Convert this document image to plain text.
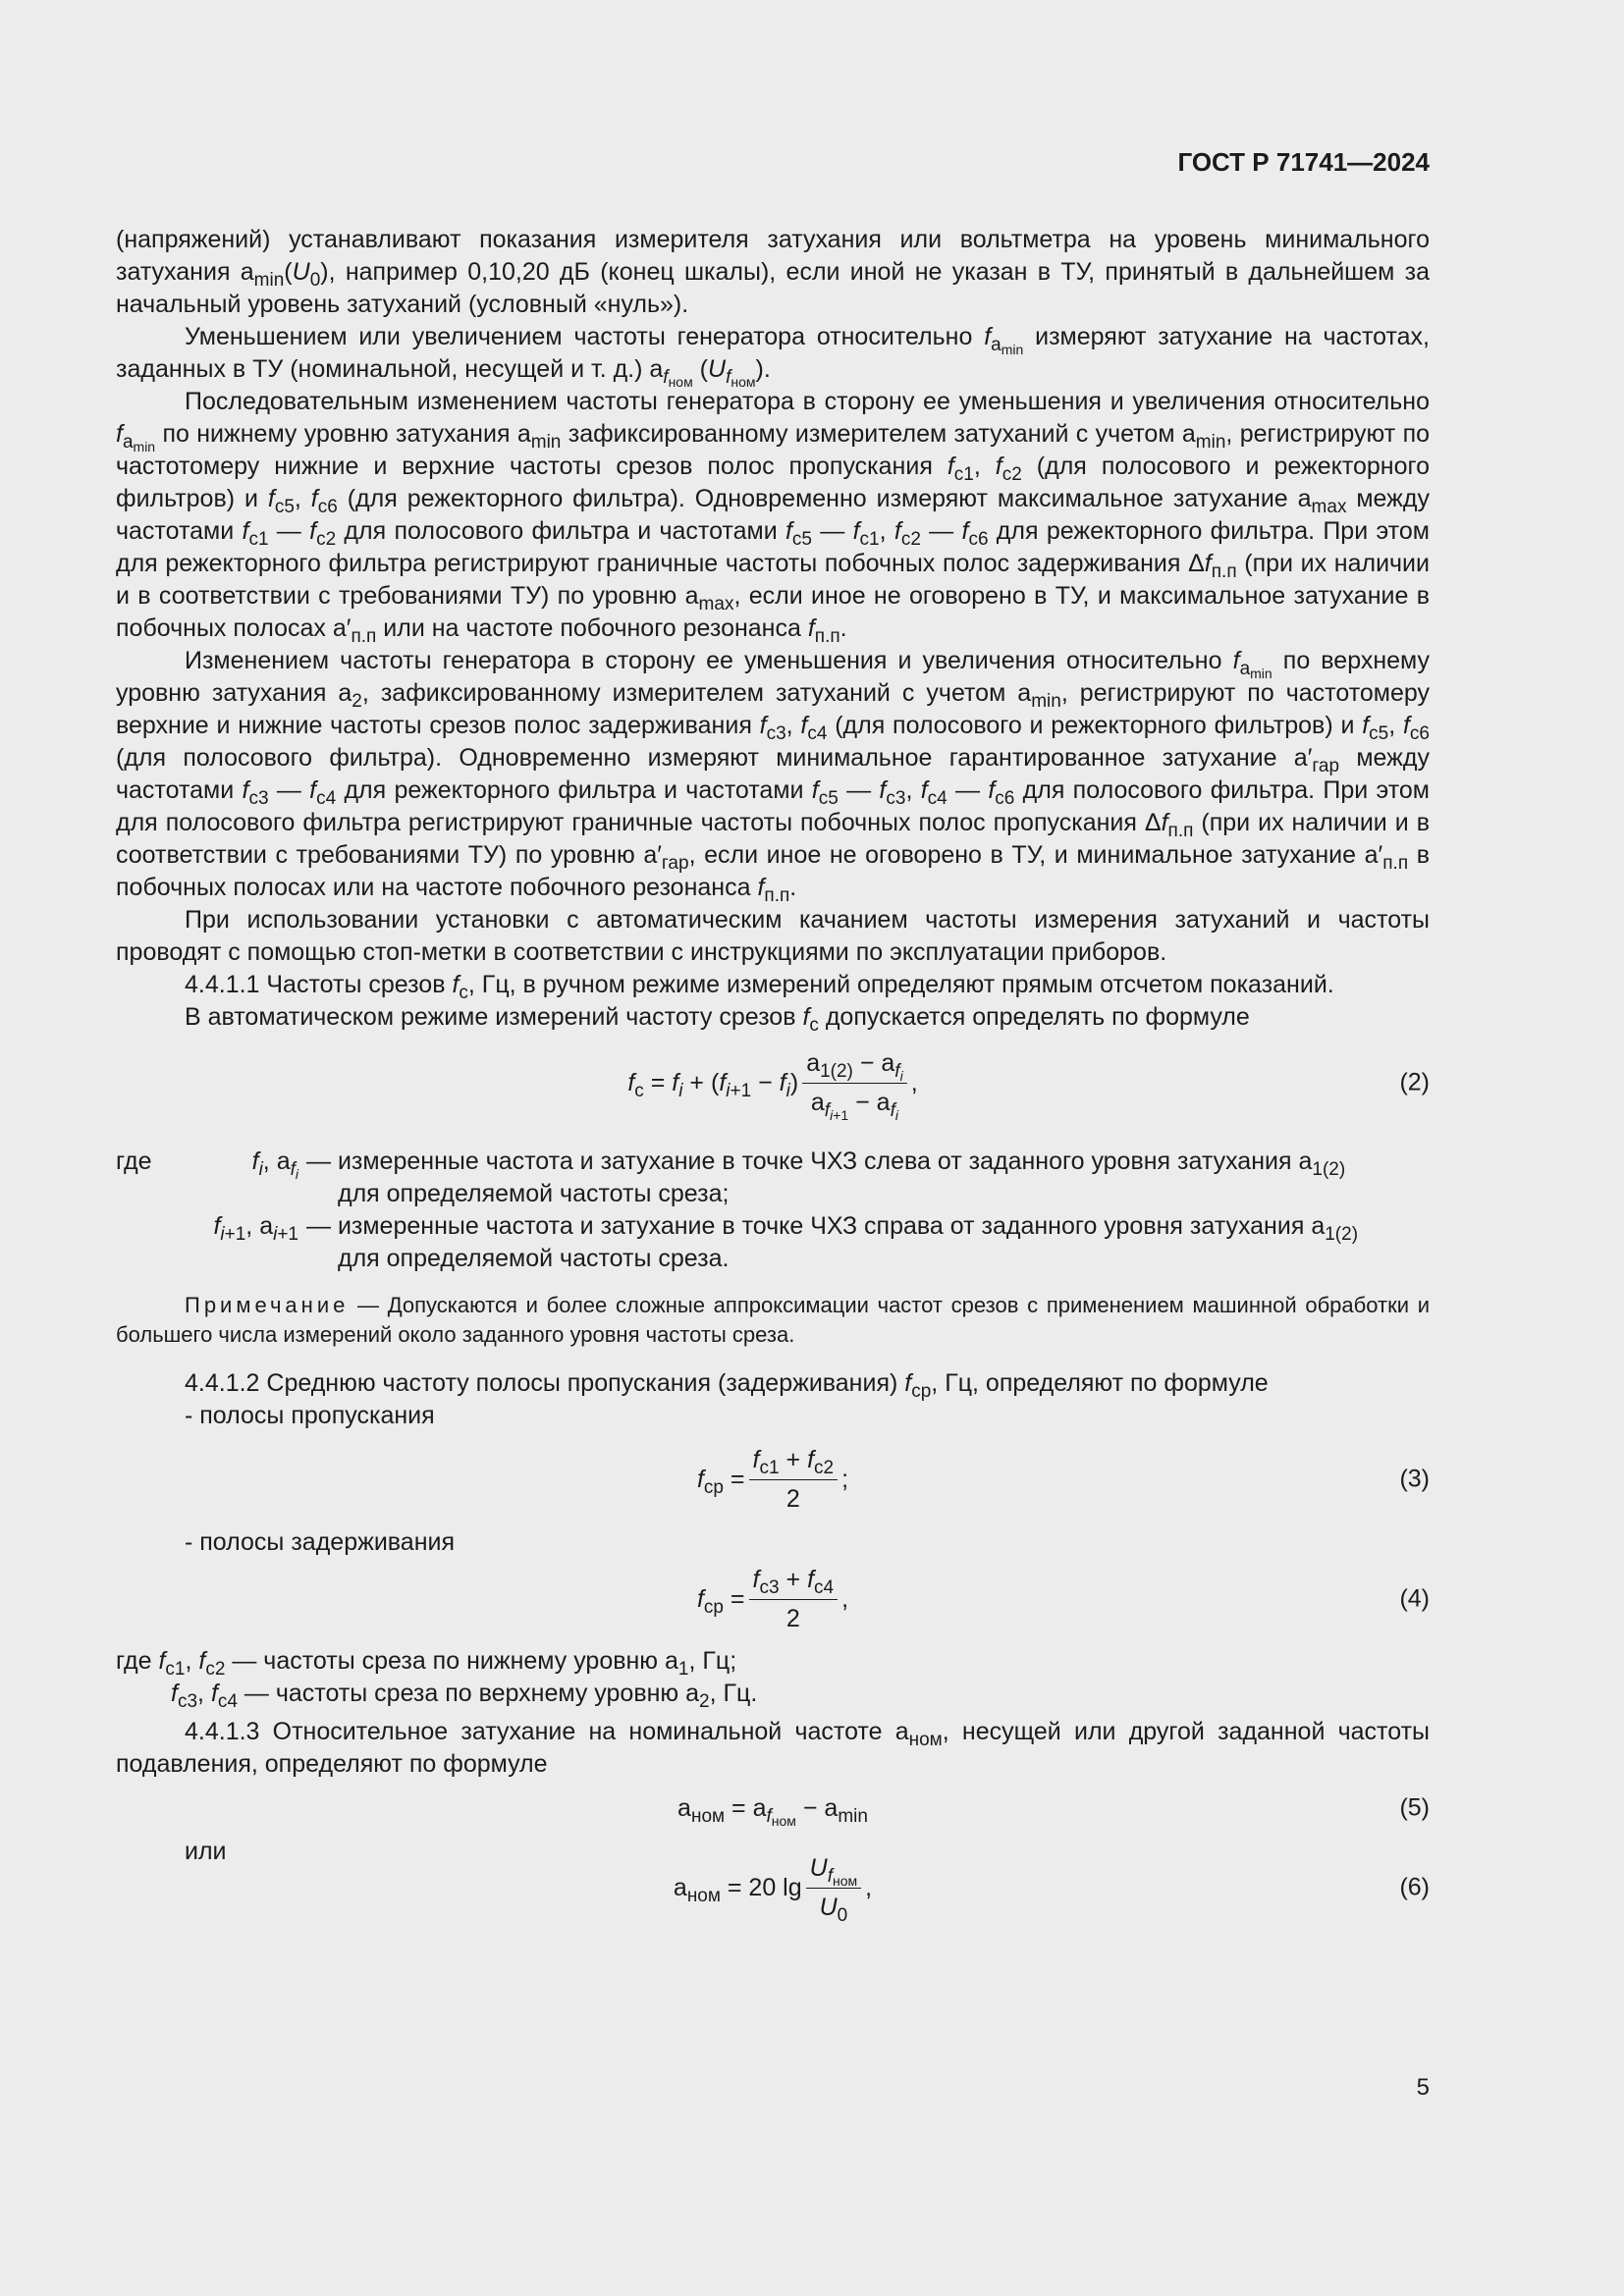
ГОСТ Р 71741—2024

(напряжений) устанавливают показания измерителя затухания или вольтметра на уровень минимального затухания $a_{min}(U_0)$, например 0,10,20 дБ (конец шкалы), если иной не указан в ТУ, принятый в дальнейшем за начальный уровень затуханий (условный «нуль»).

Уменьшением или увеличением частоты генератора относительно $f_{a_{min}}$ измеряют затухание на частотах, заданных в ТУ (номинальной, несущей и т. д.) $a_{f_{ном}}$ $(U_{f_{ном}})$.

Последовательным изменением частоты генератора в сторону ее уменьшения и увеличения относительно $f_{a_{min}}$ по нижнему уровню затухания $a_{min}$ зафиксированному измерителем затуханий с учетом $a_{min}$, регистрируют по частотомеру нижние и верхние частоты срезов полос пропускания $f_{c1}$, $f_{c2}$ (для полосового и режекторного фильтров) и $f_{c5}$, $f_{c6}$ (для режекторного фильтра). Одновременно измеряют максимальное затухание $a_{max}$ между частотами $f_{c1}$ — $f_{c2}$ для полосового фильтра и частотами $f_{c5}$ — $f_{c1}$, $f_{c2}$ — $f_{c6}$ для режекторного фильтра. При этом для режекторного фильтра регистрируют граничные частоты побочных полос задерживания $\Delta f_{п.п}$ (при их наличии и в соответствии с требованиями ТУ) по уровню $a_{max}$, если иное не оговорено в ТУ, и максимальное затухание в побочных полосах $a'_{п.п}$ или на частоте побочного резонанса $f_{п.п}$.

Изменением частоты генератора в сторону ее уменьшения и увеличения относительно $f_{a_{min}}$ по верхнему уровню затухания $a_2$, зафиксированному измерителем затуханий с учетом $a_{min}$, регистрируют по частотомеру верхние и нижние частоты срезов полос задерживания $f_{c3}$, $f_{c4}$ (для полосового и режекторного фильтров) и $f_{c5}$, $f_{c6}$ (для полосового фильтра). Одновременно измеряют минимальное гарантированное затухание $a'_{гар}$ между частотами $f_{c3}$ — $f_{c4}$ для режекторного фильтра и частотами $f_{c5}$ — $f_{c3}$, $f_{c4}$ — $f_{c6}$ для полосового фильтра. При этом для полосового фильтра регистрируют граничные частоты побочных полос пропускания $\Delta f_{п.п}$ (при их наличии и в соответствии с требованиями ТУ) по уровню $a'_{гар}$, если иное не оговорено в ТУ, и минимальное затухание $a'_{п.п}$ в побочных полосах или на частоте побочного резонанса $f_{п.п}$.

При использовании установки с автоматическим качанием частоты измерения затуханий и частоты проводят с помощью стоп-метки в соответствии с инструкциями по эксплуатации приборов.

4.4.1.1 Частоты срезов $f_c$, Гц, в ручном режиме измерений определяют прямым отсчетом показаний.

В автоматическом режиме измерений частоту срезов $f_c$ допускается определять по формуле

$f_c = f_i + (f_{i+1} - f_i) \frac{a_{1(2)} - a_{f_i}}{a_{f_{i+1}} - a_{f_i}}$ ,	(2)
где	$f_i$, $a_{f_i}$	— измеренные частота и затухание в точке ЧХЗ слева от заданного уровня затухания $a_{1(2)}$
для определяемой частоты среза;
	$f_{i+1}$, $a_{i+1}$	— измеренные частота и затухание в точке ЧХЗ справа от заданного уровня затухания $a_{1(2)}$
для определяемой частоты среза.
Примечание — Допускаются и более сложные аппроксимации частот срезов с применением машинной обработки и большего числа измерений около заданного уровня частоты среза.

4.4.1.2 Среднюю частоту полосы пропускания (задерживания) $f_{ср}$, Гц, определяют по формуле

- полосы пропускания

$f_{ср} = \frac{f_{c1} + f_{c2}}{2}$ ;	(3)

- полосы задерживания

$f_{ср} = \frac{f_{c3} + f_{c4}}{2}$ ,	(4)

где $f_{c1}$, $f_{c2}$ — частоты среза по нижнему уровню $a_1$, Гц;

$f_{c3}$, $f_{c4}$ — частоты среза по верхнему уровню $a_2$, Гц.

4.4.1.3 Относительное затухание на номинальной частоте $a_{ном}$, несущей или другой заданной частоты подавления, определяют по формуле

$a_{ном} = a_{f_{ном}} - a_{min}$	(5)

или

$a_{ном} = 20$ $\lg \frac{U_{f_{ном}}}{U_0}$ ,	(6)
5
